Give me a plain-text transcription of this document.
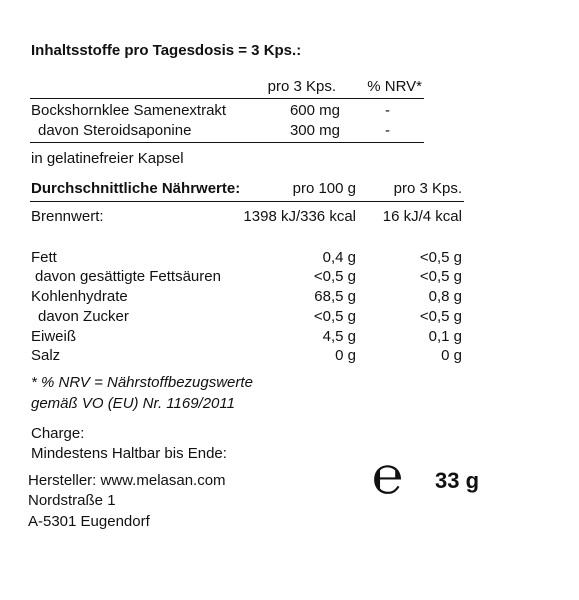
Inhaltsstoffe pro Tagesdosis = 3 Kps.:
pro 3 Kps.	% NRV*
Bockshornklee Samenextrakt	600 mg	-
davon Steroidsaponine	300 mg	-
in gelatinefreier Kapsel
Durchschnittliche Nährwerte:	pro 100 g	pro 3 Kps.
Brennwert:	1398 kJ/336 kcal	16 kJ/4 kcal
Fett	0,4 g	<0,5 g
davon gesättigte Fettsäuren	<0,5 g	<0,5 g
Kohlenhydrate	68,5 g	0,8 g
davon Zucker	<0,5 g	<0,5 g
Eiweiß	4,5 g	0,1 g
Salz	0 g	0 g
* % NRV = Nährstoffbezugswerte
gemäß VO (EU) Nr. 1169/2011
Charge:
Mindestens Haltbar bis Ende:
Hersteller: www.melasan.com
Nordstraße 1
A-5301 Eugendorf
℮ 33 g
